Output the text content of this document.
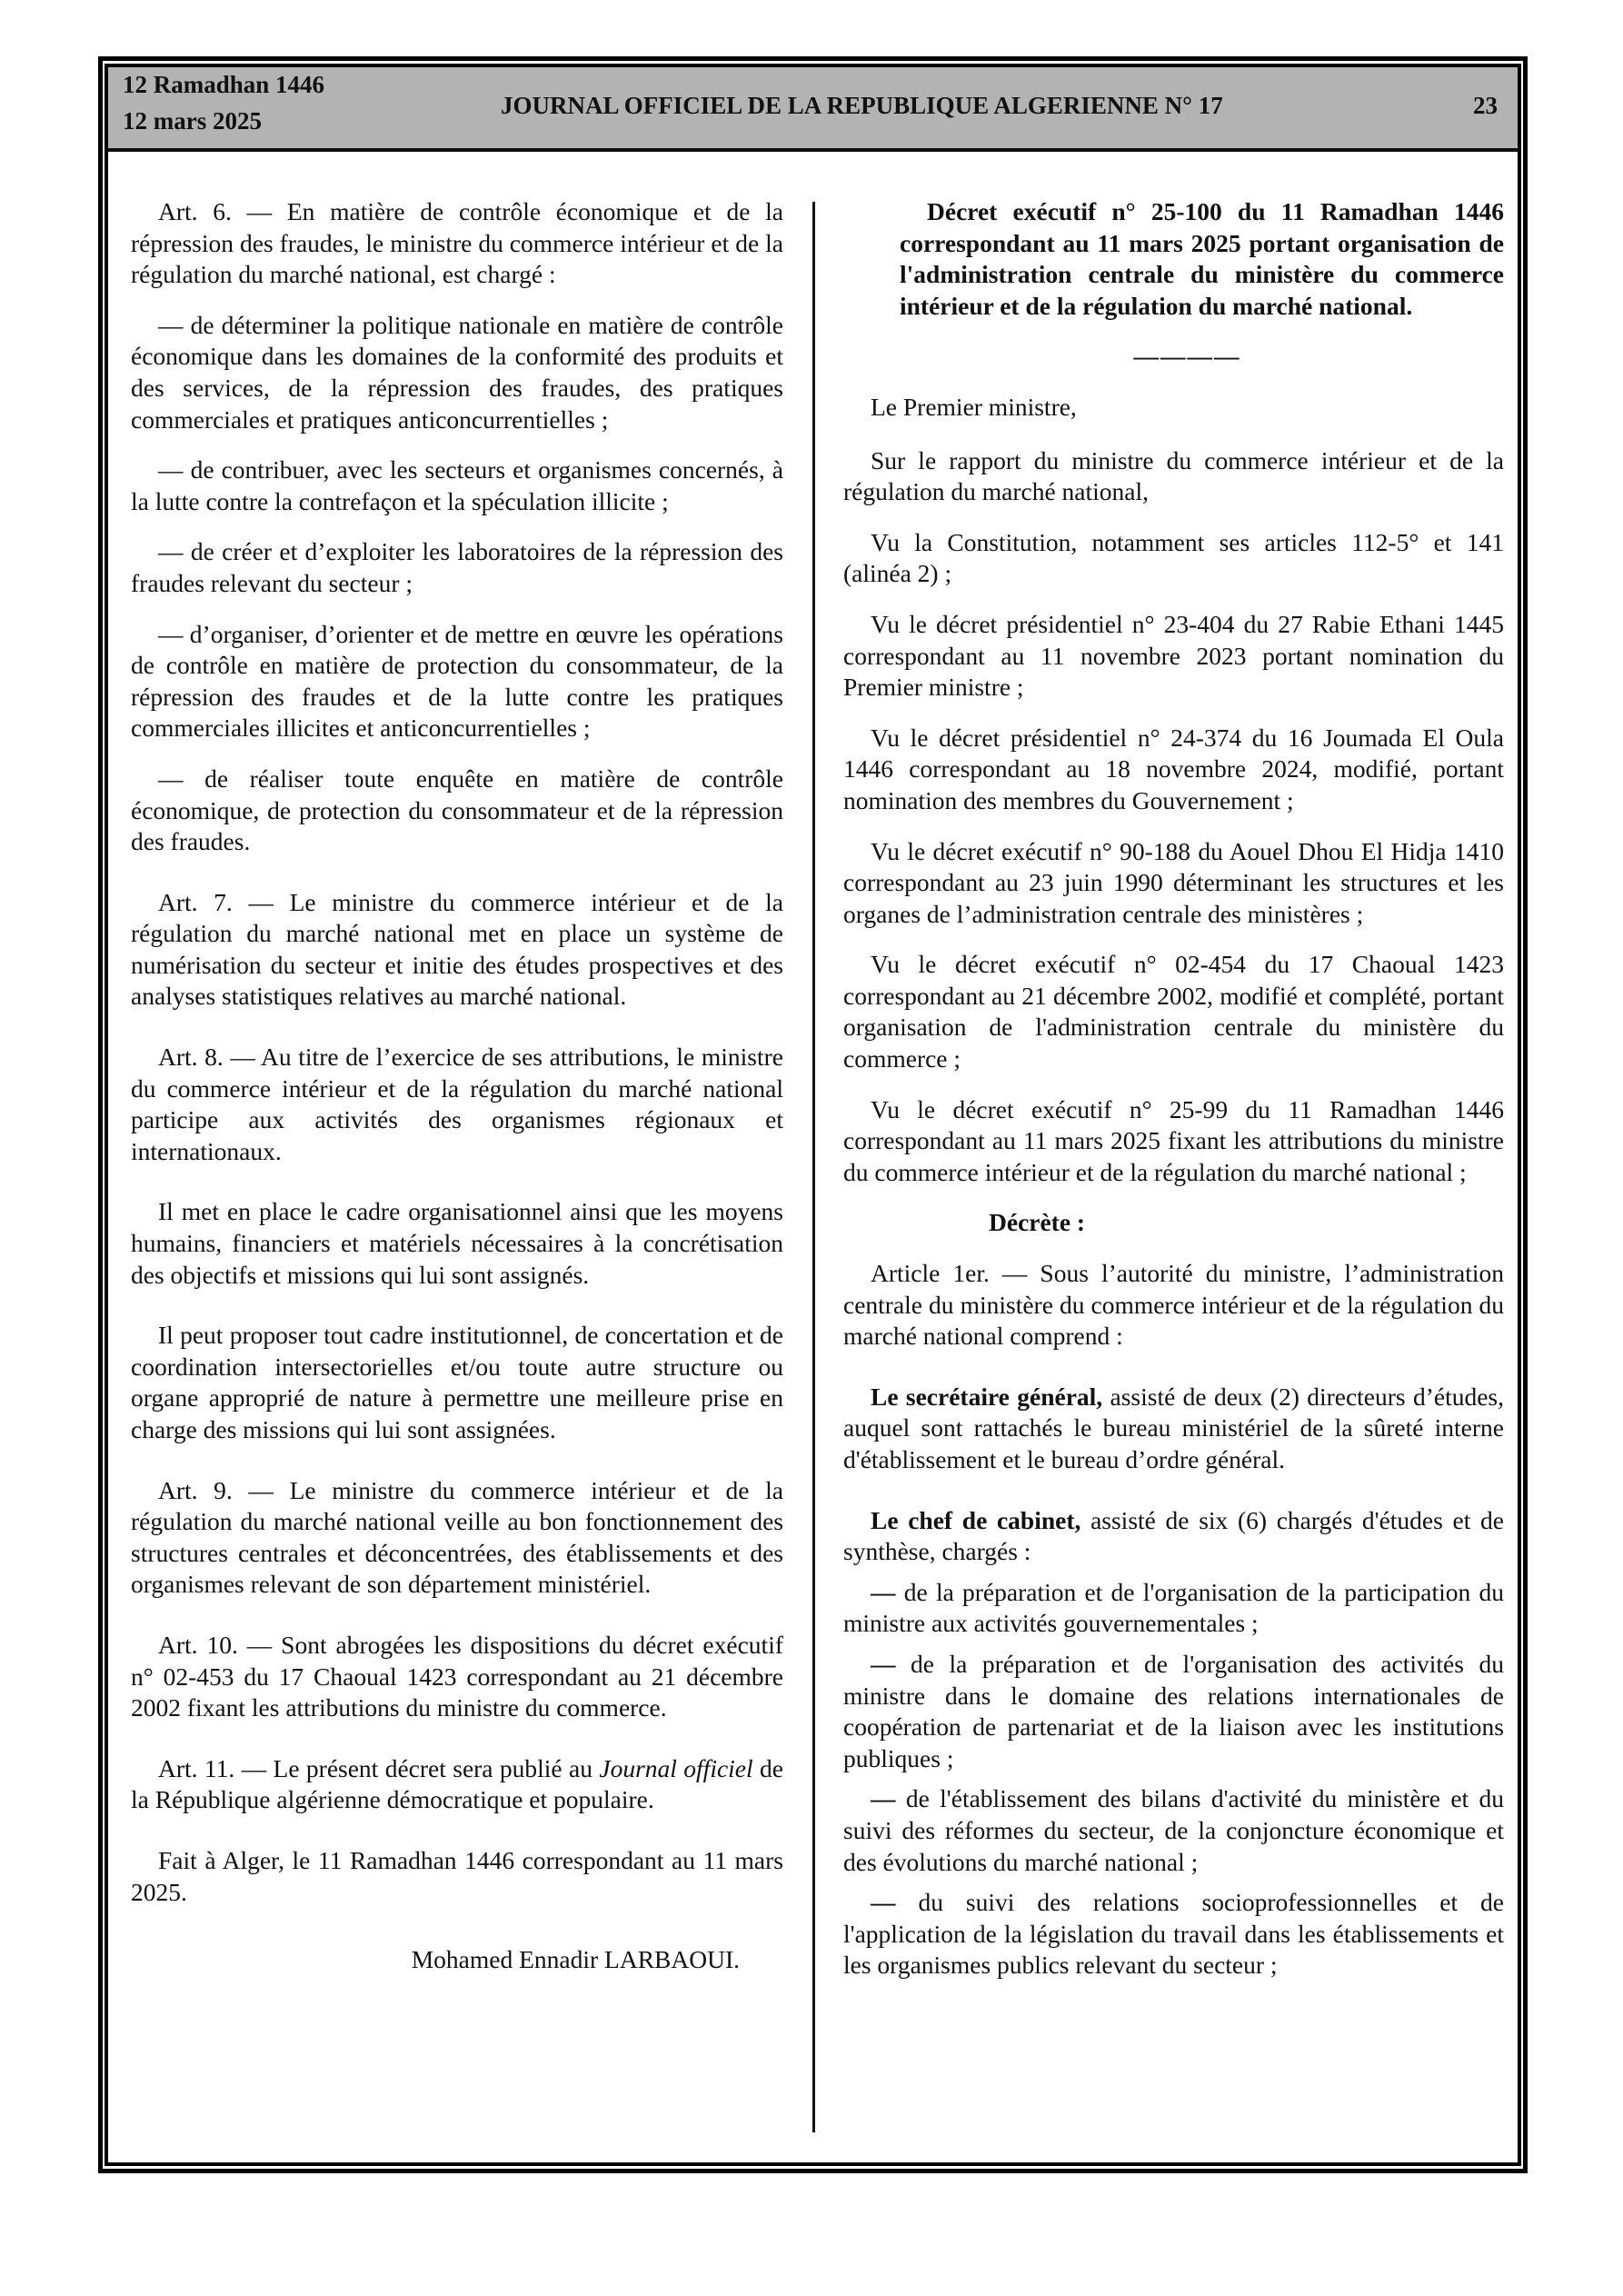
12 Ramadhan 1446
12 mars 2025
JOURNAL OFFICIEL DE LA REPUBLIQUE ALGERIENNE N° 17	23

Art. 6. — En matière de contrôle économique et de la répression des fraudes, le ministre du commerce intérieur et de la régulation du marché national, est chargé :

— de déterminer la politique nationale en matière de contrôle économique dans les domaines de la conformité des produits et des services, de la répression des fraudes, des pratiques commerciales et pratiques anticoncurrentielles ;

— de contribuer, avec les secteurs et organismes concernés, à la lutte contre la contrefaçon et la spéculation illicite ;

— de créer et d’exploiter les laboratoires de la répression des fraudes relevant du secteur ;

— d’organiser, d’orienter et de mettre en œuvre les opérations de contrôle en matière de protection du consommateur, de la répression des fraudes et de la lutte contre les pratiques commerciales illicites et anticoncurrentielles ;

— de réaliser toute enquête en matière de contrôle économique, de protection du consommateur et de la répression des fraudes.

Art. 7. — Le ministre du commerce intérieur et de la régulation du marché national met en place un système de numérisation du secteur et initie des études prospectives et des analyses statistiques relatives au marché national.

Art. 8. — Au titre de l’exercice de ses attributions, le ministre du commerce intérieur et de la régulation du marché national participe aux activités des organismes régionaux et internationaux.

Il met en place le cadre organisationnel ainsi que les moyens humains, financiers et matériels nécessaires à la concrétisation des objectifs et missions qui lui sont assignés.

Il peut proposer tout cadre institutionnel, de concertation et de coordination intersectorielles et/ou toute autre structure ou organe approprié de nature à permettre une meilleure prise en charge des missions qui lui sont assignées.

Art. 9. — Le ministre du commerce intérieur et de la régulation du marché national veille au bon fonctionnement des structures centrales et déconcentrées, des établissements et des organismes relevant de son département ministériel.

Art. 10. — Sont abrogées les dispositions du décret exécutif n° 02-453 du 17 Chaoual 1423 correspondant au 21 décembre 2002 fixant les attributions du ministre du commerce.

Art. 11. — Le présent décret sera publié au Journal officiel de la République algérienne démocratique et populaire.

Fait à Alger, le 11 Ramadhan 1446 correspondant au 11 mars 2025.

Mohamed Ennadir LARBAOUI.

Décret exécutif n° 25-100 du 11 Ramadhan 1446 correspondant au 11 mars 2025 portant organisation de l'administration centrale du ministère du commerce intérieur et de la régulation du marché national.

————

Le Premier ministre,

Sur le rapport du ministre du commerce intérieur et de la régulation du marché national,

Vu la Constitution, notamment ses articles 112-5° et 141 (alinéa 2) ;

Vu le décret présidentiel n° 23-404 du 27 Rabie Ethani 1445 correspondant au 11 novembre 2023 portant nomination du Premier ministre ;

Vu le décret présidentiel n° 24-374 du 16 Joumada El Oula 1446 correspondant au 18 novembre 2024, modifié, portant nomination des membres du Gouvernement ;

Vu le décret exécutif n° 90-188 du Aouel Dhou El Hidja 1410 correspondant au 23 juin 1990 déterminant les structures et les organes de l’administration centrale des ministères ;

Vu le décret exécutif n° 02-454 du 17 Chaoual 1423 correspondant au 21 décembre 2002, modifié et complété, portant organisation de l'administration centrale du ministère du commerce ;

Vu le décret exécutif n° 25-99 du 11 Ramadhan 1446 correspondant au 11 mars 2025 fixant les attributions du ministre du commerce intérieur et de la régulation du marché national ;

Décrète :

Article 1er. — Sous l’autorité du ministre, l’administration centrale du ministère du commerce intérieur et de la régulation du marché national comprend :

Le secrétaire général, assisté de deux (2) directeurs d’études, auquel sont rattachés le bureau ministériel de la sûreté interne d'établissement et le bureau d’ordre général.

Le chef de cabinet, assisté de six (6) chargés d'études et de synthèse, chargés :

— de la préparation et de l'organisation de la participation du ministre aux activités gouvernementales ;

— de la préparation et de l'organisation des activités du ministre dans le domaine des relations internationales de coopération de partenariat et de la liaison avec les institutions publiques ;

— de l'établissement des bilans d'activité du ministère et du suivi des réformes du secteur, de la conjoncture économique et des évolutions du marché national ;

— du suivi des relations socioprofessionnelles et de l'application de la législation du travail dans les établissements et les organismes publics relevant du secteur ;
